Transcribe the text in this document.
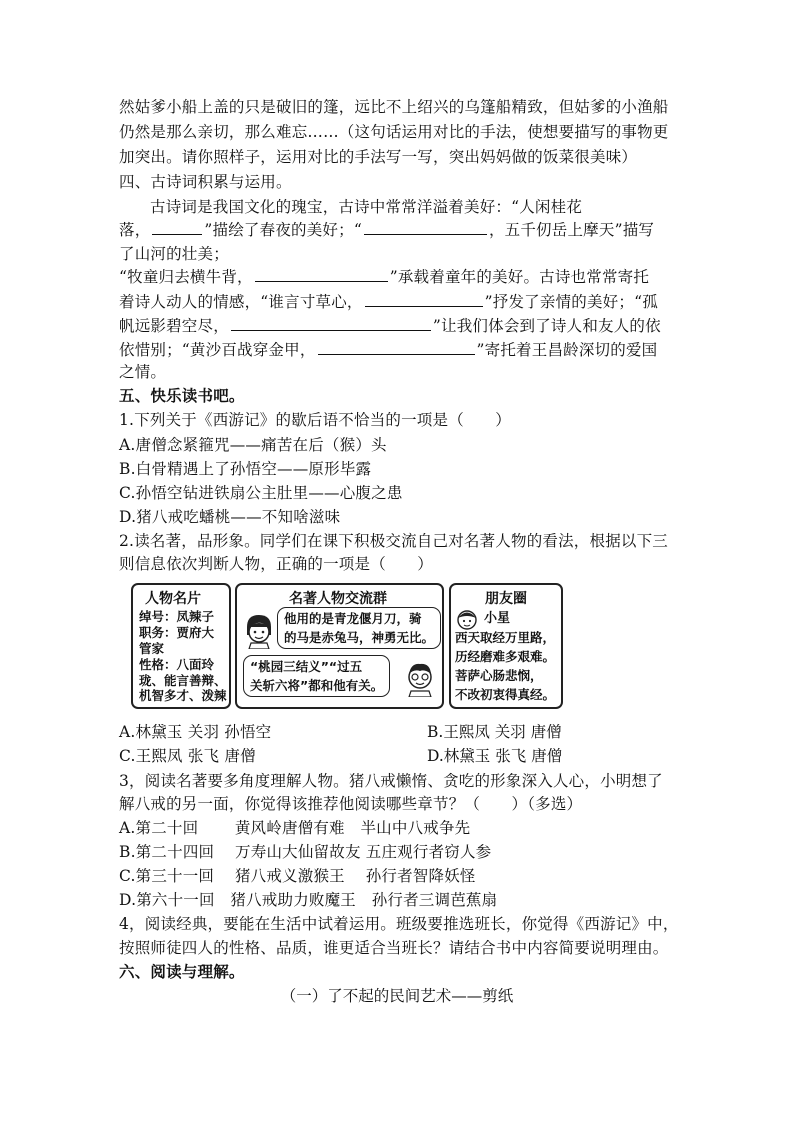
然姑爹小船上盖的只是破旧的篷，远比不上绍兴的乌篷船精致，但姑爹的小渔船
仍然是那么亲切，那么难忘……（这句话运用对比的手法，使想要描写的事物更
加突出。请你照样子，运用对比的手法写一写，突出妈妈做的饭菜很美味）
四、古诗词积累与运用。
古诗词是我国文化的瑰宝，古诗中常常洋溢着美好：“人闲桂花
落，	”描绘了春夜的美好；“	，五千仞岳上摩天”描写
了山河的壮美；
“牧童归去横牛背，	”承载着童年的美好。古诗也常常寄托
着诗人动人的情感，“谁言寸草心，	”抒发了亲情的美好；“孤
帆远影碧空尽，	”让我们体会到了诗人和友人的依
依惜别；“黄沙百战穿金甲，	”寄托着王昌龄深切的爱国
之情。
五、快乐读书吧。
1.下列关于《西游记》的歇后语不恰当的一项是（　　）
A.唐僧念紧箍咒——痛苦在后（猴）头
B.白骨精遇上了孙悟空——原形毕露
C.孙悟空钻进铁扇公主肚里——心腹之患
D.猪八戒吃蟠桃——不知啥滋味
2.读名著，品形象。同学们在课下积极交流自己对名著人物的看法，根据以下三
则信息依次判断人物，正确的一项是（　　）
人物名片
绰号：凤辣子
职务：贾府大
管家
性格：八面玲
珑、能言善辩、
机智多才、泼辣
名著人物交流群
他用的是青龙偃月刀，骑
的马是赤兔马，神勇无比。
“桃园三结义”“过五
关斩六将”都和他有关。
朋友圈
小星
西天取经万里路，
历经磨难多艰难。
菩萨心肠悲悯，
不改初衷得真经。
A.林黛玉 关羽 孙悟空	B.王熙凤 关羽 唐僧
C.王熙凤 张飞 唐僧	D.林黛玉 张飞 唐僧
3，阅读名著要多角度理解人物。猪八戒懒惰、贪吃的形象深入人心，小明想了
解八戒的另一面，你觉得该推荐他阅读哪些章节？（　　）（多选）
A.第二十回　　 黄风岭唐僧有难　半山中八戒争先
B.第二十四回　 万寿山大仙留故友 五庄观行者窃人参
C.第三十一回　 猪八戒义激猴王　 孙行者智降妖怪
D.第六十一回　猪八戒助力败魔王　孙行者三调芭蕉扇
4，阅读经典，要能在生活中试着运用。班级要推选班长，你觉得《西游记》中，
按照师徒四人的性格、品质，谁更适合当班长？请结合书中内容简要说明理由。
六、阅读与理解。
（一）了不起的民间艺术——剪纸
